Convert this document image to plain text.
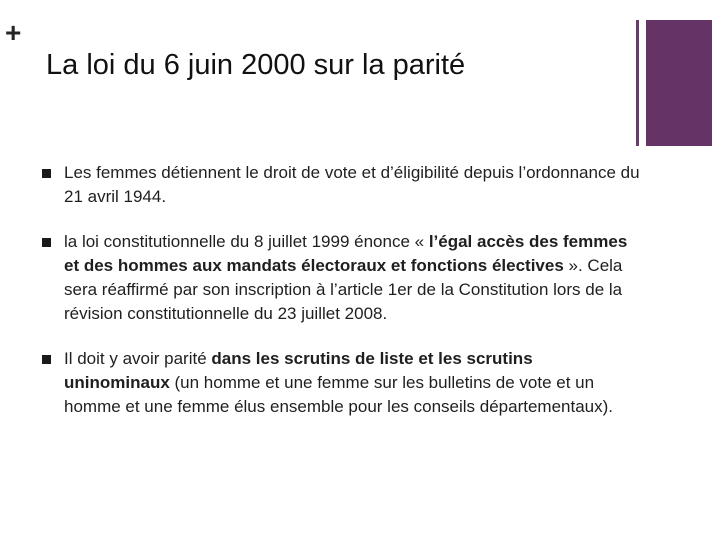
+
La loi du 6 juin 2000 sur la parité
Les femmes détiennent le droit de vote et d’éligibilité depuis l’ordonnance du 21 avril 1944.
la loi constitutionnelle du 8 juillet 1999 énonce « l’égal accès des femmes et des hommes aux mandats électoraux et fonctions électives ». Cela sera réaffirmé par son inscription à l’article 1er de la Constitution lors de la révision constitutionnelle du 23 juillet 2008.
Il doit y avoir parité dans les scrutins de liste et les scrutins uninominaux (un homme et une femme sur les bulletins de vote et un homme et une femme élus ensemble pour les conseils départementaux).
